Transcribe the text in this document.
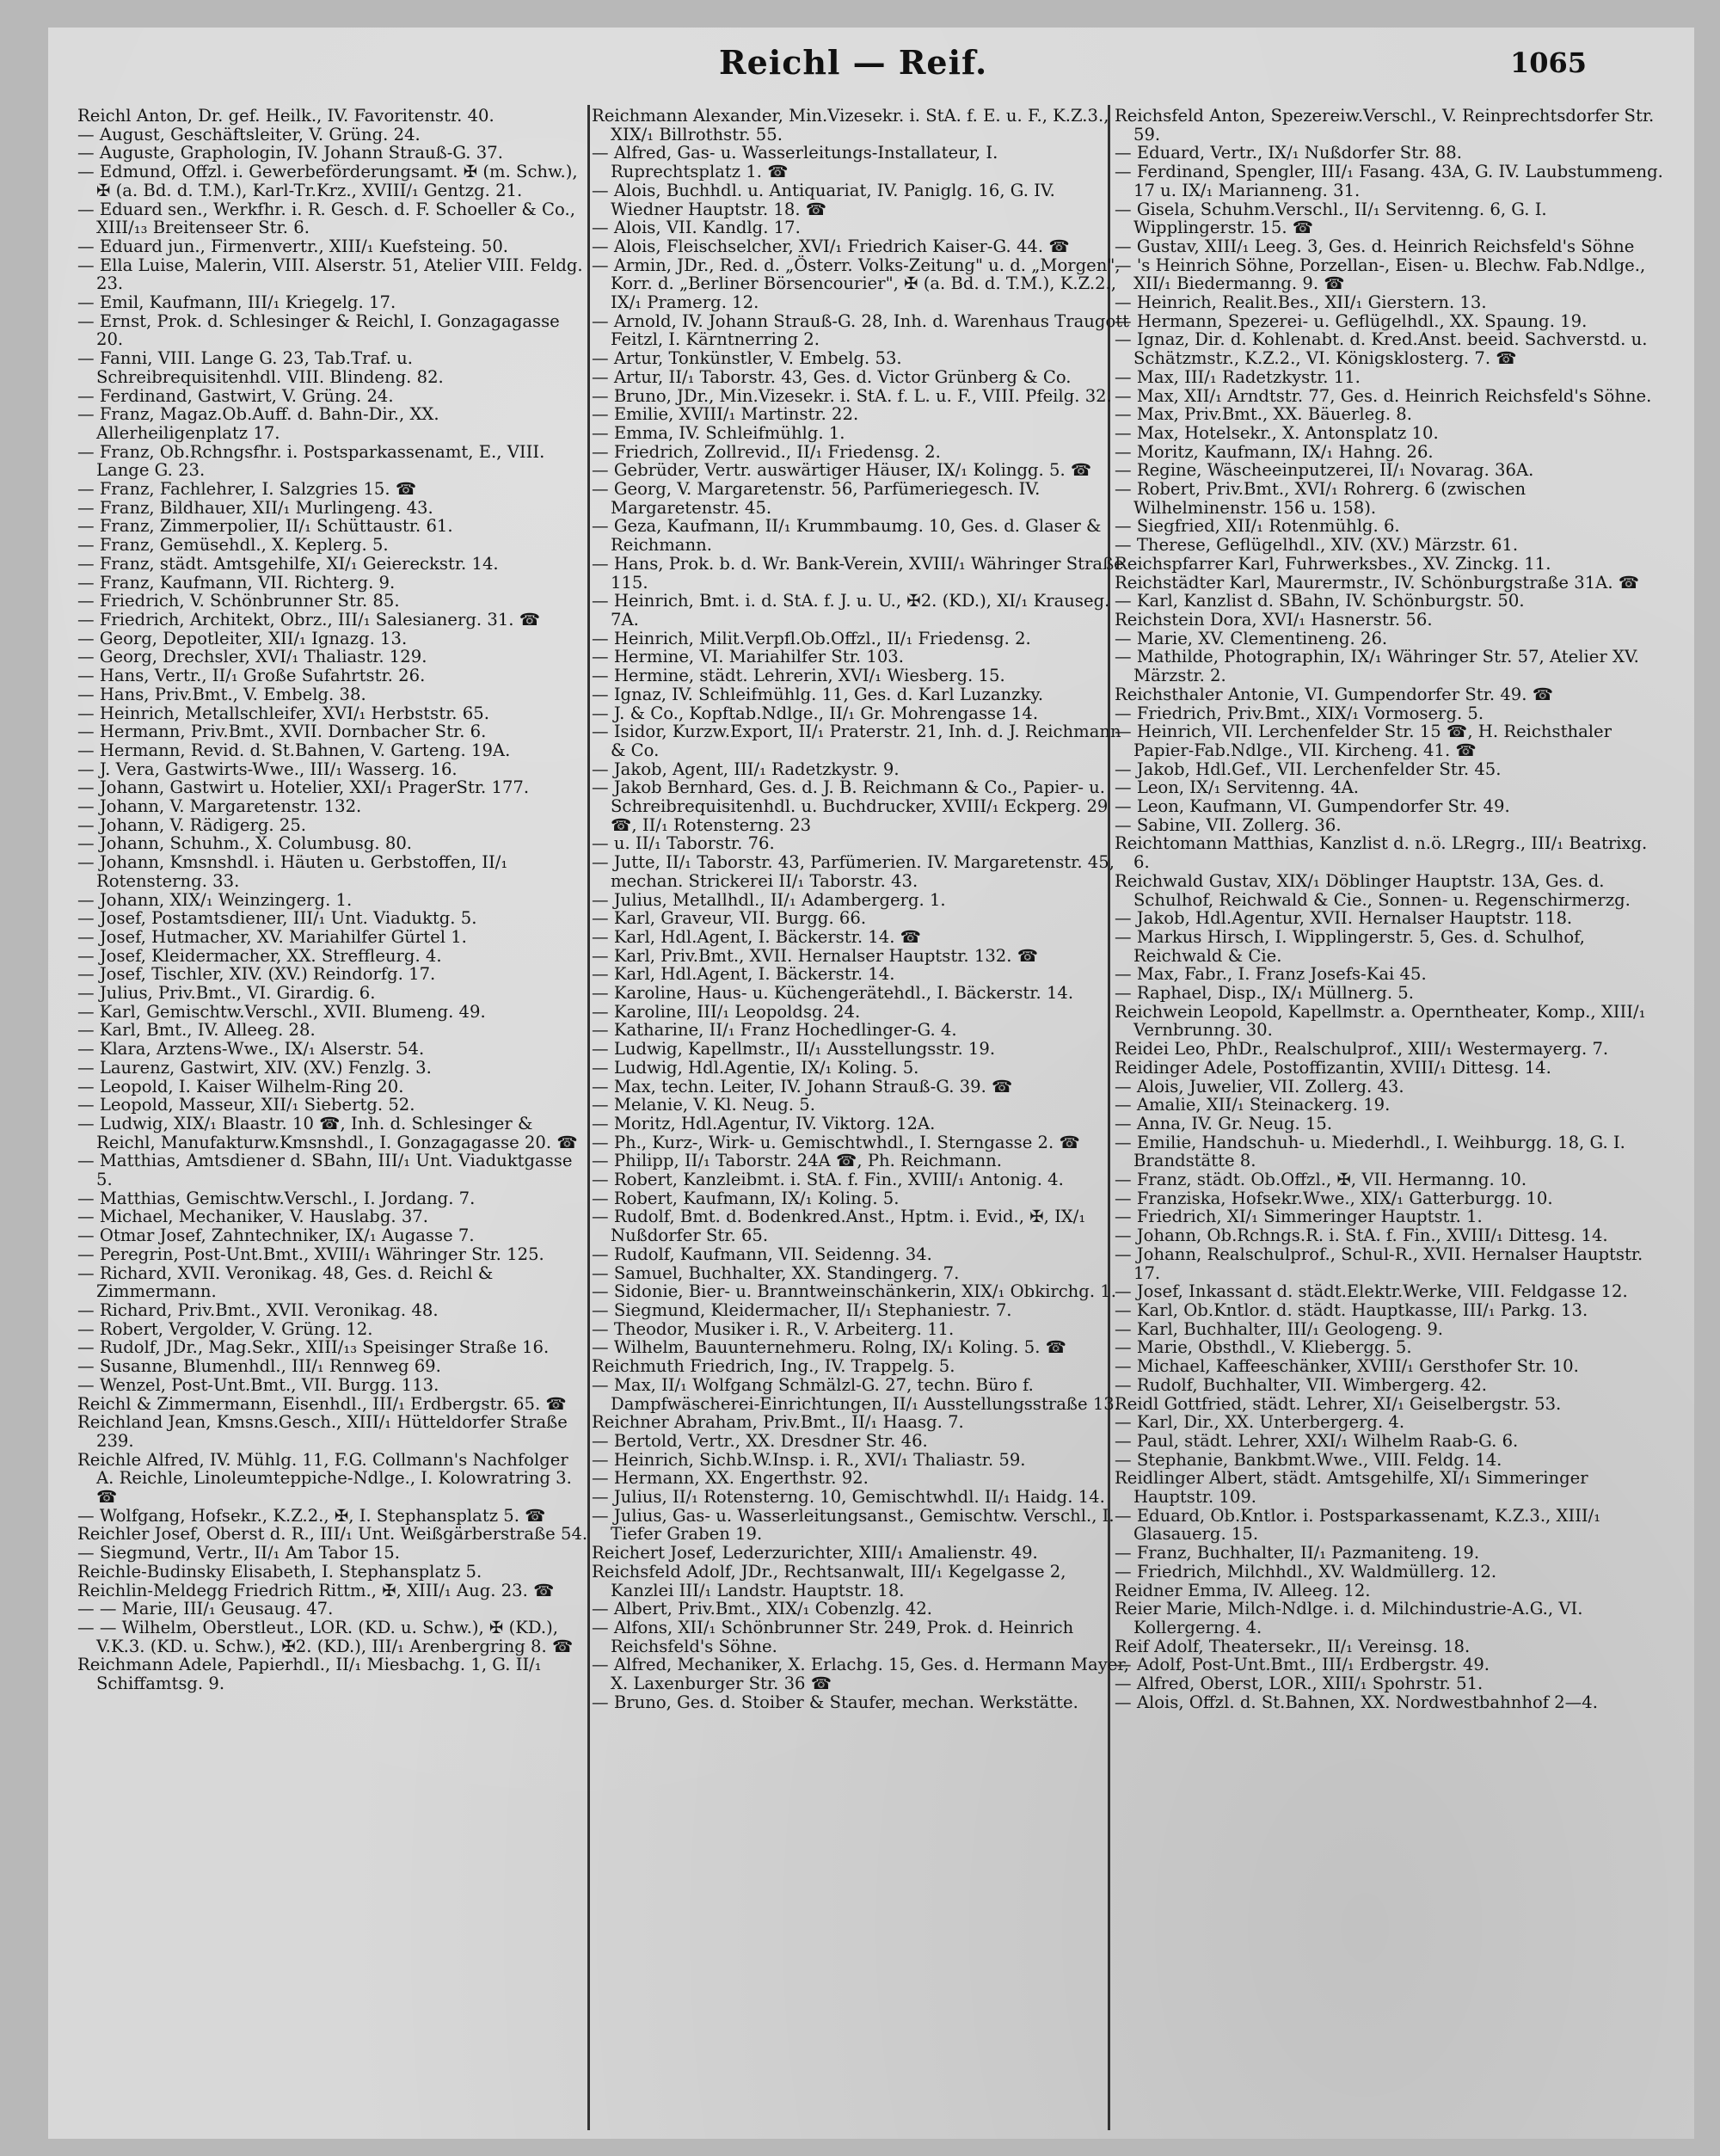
Reichl — Reif.	1065
Reichl Anton, Dr. gef. Heilk., IV. Favoritenstr. 40.
— August, Geschäftsleiter, V. Grüng. 24.
— Auguste, Graphologin, IV. Johann Strauß-G. 37.
— Edmund, Offzl. i. Gewerbeförderungsamt. ✠ (m. Schw.), ✠ (a. Bd. d. T.M.), Karl-Tr.Krz., XVIII/₁ Gentzg. 21.
— Eduard sen., Werkfhr. i. R. Gesch. d. F. Schoeller & Co., XIII/₁₃ Breitenseer Str. 6.
— Eduard jun., Firmenvertr., XIII/₁ Kuefsteing. 50.
— Ella Luise, Malerin, VIII. Alserstr. 51, Atelier VIII. Feldg. 23.
— Emil, Kaufmann, III/₁ Kriegelg. 17.
— Ernst, Prok. d. Schlesinger & Reichl, I. Gonzagagasse 20.
— Fanni, VIII. Lange G. 23, Tab.Traf. u. Schreibrequisitenhdl. VIII. Blindeng. 82.
— Ferdinand, Gastwirt, V. Grüng. 24.
— Franz, Magaz.Ob.Auff. d. Bahn-Dir., XX. Allerheiligenplatz 17.
— Franz, Ob.Rchngsfhr. i. Postsparkassenamt, E., VIII. Lange G. 23.
— Franz, Fachlehrer, I. Salzgries 15. ☎
— Franz, Bildhauer, XII/₁ Murlingeng. 43.
— Franz, Zimmerpolier, II/₁ Schüttaustr. 61.
— Franz, Gemüsehdl., X. Keplerg. 5.
— Franz, städt. Amtsgehilfe, XI/₁ Geiereckstr. 14.
— Franz, Kaufmann, VII. Richterg. 9.
— Friedrich, V. Schönbrunner Str. 85.
— Friedrich, Architekt, Obrz., III/₁ Salesianerg. 31. ☎
— Georg, Depotleiter, XII/₁ Ignazg. 13.
— Georg, Drechsler, XVI/₁ Thaliastr. 129.
— Hans, Vertr., II/₁ Große Sufahrtstr. 26.
— Hans, Priv.Bmt., V. Embelg. 38.
— Heinrich, Metallschleifer, XVI/₁ Herbststr. 65.
— Hermann, Priv.Bmt., XVII. Dornbacher Str. 6.
— Hermann, Revid. d. St.Bahnen, V. Garteng. 19A.
— J. Vera, Gastwirts-Wwe., III/₁ Wasserg. 16.
— Johann, Gastwirt u. Hotelier, XXI/₁ PragerStr. 177.
— Johann, V. Margaretenstr. 132.
— Johann, V. Rädigerg. 25.
— Johann, Schuhm., X. Columbusg. 80.
— Johann, Kmsnshdl. i. Häuten u. Gerbstoffen, II/₁ Rotensterng. 33.
— Johann, XIX/₁ Weinzingerg. 1.
— Josef, Postamtsdiener, III/₁ Unt. Viaduktg. 5.
— Josef, Hutmacher, XV. Mariahilfer Gürtel 1.
— Josef, Kleidermacher, XX. Streffleurg. 4.
— Josef, Tischler, XIV. (XV.) Reindorfg. 17.
— Julius, Priv.Bmt., VI. Girardig. 6.
— Karl, Gemischtw.Verschl., XVII. Blumeng. 49.
— Karl, Bmt., IV. Alleeg. 28.
— Klara, Arztens-Wwe., IX/₁ Alserstr. 54.
— Laurenz, Gastwirt, XIV. (XV.) Fenzlg. 3.
— Leopold, I. Kaiser Wilhelm-Ring 20.
— Leopold, Masseur, XII/₁ Siebertg. 52.
— Ludwig, XIX/₁ Blaastr. 10 ☎, Inh. d. Schlesinger & Reichl, Manufakturw.Kmsnshdl., I. Gonzagagasse 20. ☎
— Matthias, Amtsdiener d. SBahn, III/₁ Unt. Viaduktgasse 5.
— Matthias, Gemischtw.Verschl., I. Jordang. 7.
— Michael, Mechaniker, V. Hauslabg. 37.
— Otmar Josef, Zahntechniker, IX/₁ Augasse 7.
— Peregrin, Post-Unt.Bmt., XVIII/₁ Währinger Str. 125.
— Richard, XVII. Veronikag. 48, Ges. d. Reichl & Zimmermann.
— Richard, Priv.Bmt., XVII. Veronikag. 48.
— Robert, Vergolder, V. Grüng. 12.
— Rudolf, JDr., Mag.Sekr., XIII/₁₃ Speisinger Straße 16.
— Susanne, Blumenhdl., III/₁ Rennweg 69.
— Wenzel, Post-Unt.Bmt., VII. Burgg. 113.
Reichl & Zimmermann, Eisenhdl., III/₁ Erdbergstr. 65. ☎
Reichland Jean, Kmsns.Gesch., XIII/₁ Hütteldorfer Straße 239.
Reichle Alfred, IV. Mühlg. 11, F.G. Collmann's Nachfolger A. Reichle, Linoleumteppiche-Ndlge., I. Kolowratring 3. ☎
— Wolfgang, Hofsekr., K.Z.2., ✠, I. Stephansplatz 5. ☎
Reichler Josef, Oberst d. R., III/₁ Unt. Weißgärberstraße 54.
— Siegmund, Vertr., II/₁ Am Tabor 15.
Reichle-Budinsky Elisabeth, I. Stephansplatz 5.
Reichlin-Meldegg Friedrich Rittm., ✠, XIII/₁ Aug. 23. ☎
— — Marie, III/₁ Geusaug. 47.
— — Wilhelm, Oberstleut., LOR. (KD. u. Schw.), ✠ (KD.), V.K.3. (KD. u. Schw.), ✠2. (KD.), III/₁ Arenbergring 8. ☎
Reichmann Adele, Papierhdl., II/₁ Miesbachg. 1, G. II/₁ Schiffamtsg. 9.
Reichmann Alexander, Min.Vizesekr. i. StA. f. E. u. F., K.Z.3., XIX/₁ Billrothstr. 55.
— Alfred, Gas- u. Wasserleitungs-Installateur, I. Ruprechtsplatz 1. ☎
— Alois, Buchhdl. u. Antiquariat, IV. Paniglg. 16, G. IV. Wiedner Hauptstr. 18. ☎
— Alois, VII. Kandlg. 17.
— Alois, Fleischselcher, XVI/₁ Friedrich Kaiser-G. 44. ☎
— Armin, JDr., Red. d. „Österr. Volks-Zeitung" u. d. „Morgen", Korr. d. „Berliner Börsencourier", ✠ (a. Bd. d. T.M.), K.Z.2., IX/₁ Pramerg. 12.
— Arnold, IV. Johann Strauß-G. 28, Inh. d. Warenhaus Traugott Feitzl, I. Kärntnerring 2.
— Artur, Tonkünstler, V. Embelg. 53.
— Artur, II/₁ Taborstr. 43, Ges. d. Victor Grünberg & Co.
— Bruno, JDr., Min.Vizesekr. i. StA. f. L. u. F., VIII. Pfeilg. 32.
— Emilie, XVIII/₁ Martinstr. 22.
— Emma, IV. Schleifmühlg. 1.
— Friedrich, Zollrevid., II/₁ Friedensg. 2.
— Gebrüder, Vertr. auswärtiger Häuser, IX/₁ Kolingg. 5. ☎
— Georg, V. Margaretenstr. 56, Parfümeriegesch. IV. Margaretenstr. 45.
— Geza, Kaufmann, II/₁ Krummbaumg. 10, Ges. d. Glaser & Reichmann.
— Hans, Prok. b. d. Wr. Bank-Verein, XVIII/₁ Währinger Straße 115.
— Heinrich, Bmt. i. d. StA. f. J. u. U., ✠2. (KD.), XI/₁ Krauseg. 7A.
— Heinrich, Milit.Verpfl.Ob.Offzl., II/₁ Friedensg. 2.
— Hermine, VI. Mariahilfer Str. 103.
— Hermine, städt. Lehrerin, XVI/₁ Wiesberg. 15.
— Ignaz, IV. Schleifmühlg. 11, Ges. d. Karl Luzanzky.
— J. & Co., Kopftab.Ndlge., II/₁ Gr. Mohrengasse 14.
— Isidor, Kurzw.Export, II/₁ Praterstr. 21, Inh. d. J. Reichmann & Co.
— Jakob, Agent, III/₁ Radetzkystr. 9.
— Jakob Bernhard, Ges. d. J. B. Reichmann & Co., Papier- u. Schreibrequisitenhdl. u. Buchdrucker, XVIII/₁ Eckperg. 29 ☎, II/₁ Rotensterng. 23
— u. II/₁ Taborstr. 76.
— Jutte, II/₁ Taborstr. 43, Parfümerien. IV. Margaretenstr. 45, mechan. Strickerei II/₁ Taborstr. 43.
— Julius, Metallhdl., II/₁ Adambergerg. 1.
— Karl, Graveur, VII. Burgg. 66.
— Karl, Hdl.Agent, I. Bäckerstr. 14. ☎
— Karl, Priv.Bmt., XVII. Hernalser Hauptstr. 132. ☎
— Karl, Hdl.Agent, I. Bäckerstr. 14.
— Karoline, Haus- u. Küchengerätehdl., I. Bäckerstr. 14.
— Karoline, III/₁ Leopoldsg. 24.
— Katharine, II/₁ Franz Hochedlinger-G. 4.
— Ludwig, Kapellmstr., II/₁ Ausstellungsstr. 19.
— Ludwig, Hdl.Agentie, IX/₁ Koling. 5.
— Max, techn. Leiter, IV. Johann Strauß-G. 39. ☎
— Melanie, V. Kl. Neug. 5.
— Moritz, Hdl.Agentur, IV. Viktorg. 12A.
— Ph., Kurz-, Wirk- u. Gemischtwhdl., I. Sterngasse 2. ☎
— Philipp, II/₁ Taborstr. 24A ☎, Ph. Reichmann.
— Robert, Kanzleibmt. i. StA. f. Fin., XVIII/₁ Antonig. 4.
— Robert, Kaufmann, IX/₁ Koling. 5.
— Rudolf, Bmt. d. Bodenkred.Anst., Hptm. i. Evid., ✠, IX/₁ Nußdorfer Str. 65.
— Rudolf, Kaufmann, VII. Seidenng. 34.
— Samuel, Buchhalter, XX. Standingerg. 7.
— Sidonie, Bier- u. Branntweinschänkerin, XIX/₁ Obkirchg. 1.
— Siegmund, Kleidermacher, II/₁ Stephaniestr. 7.
— Theodor, Musiker i. R., V. Arbeiterg. 11.
— Wilhelm, Bauunternehmeru. Rolng, IX/₁ Koling. 5. ☎
Reichmuth Friedrich, Ing., IV. Trappelg. 5.
— Max, II/₁ Wolfgang Schmälzl-G. 27, techn. Büro f. Dampfwäscherei-Einrichtungen, II/₁ Ausstellungsstraße 13.
Reichner Abraham, Priv.Bmt., II/₁ Haasg. 7.
— Bertold, Vertr., XX. Dresdner Str. 46.
— Heinrich, Sichb.W.Insp. i. R., XVI/₁ Thaliastr. 59.
— Hermann, XX. Engerthstr. 92.
— Julius, II/₁ Rotensterng. 10, Gemischtwhdl. II/₁ Haidg. 14.
— Julius, Gas- u. Wasserleitungsanst., Gemischtw. Verschl., I. Tiefer Graben 19.
Reichert Josef, Lederzurichter, XIII/₁ Amalienstr. 49.
Reichsfeld Adolf, JDr., Rechtsanwalt, III/₁ Kegelgasse 2, Kanzlei III/₁ Landstr. Hauptstr. 18.
— Albert, Priv.Bmt., XIX/₁ Cobenzlg. 42.
— Alfons, XII/₁ Schönbrunner Str. 249, Prok. d. Heinrich Reichsfeld's Söhne.
— Alfred, Mechaniker, X. Erlachg. 15, Ges. d. Hermann Mayer, X. Laxenburger Str. 36 ☎
— Bruno, Ges. d. Stoiber & Staufer, mechan. Werkstätte.
Reichsfeld Anton, Spezereiw.Verschl., V. Reinprechtsdorfer Str. 59.
— Eduard, Vertr., IX/₁ Nußdorfer Str. 88.
— Ferdinand, Spengler, III/₁ Fasang. 43A, G. IV. Laubstummeng. 17 u. IX/₁ Marianneng. 31.
— Gisela, Schuhm.Verschl., II/₁ Servitenng. 6, G. I. Wipplingerstr. 15. ☎
— Gustav, XIII/₁ Leeg. 3, Ges. d. Heinrich Reichsfeld's Söhne
— 's Heinrich Söhne, Porzellan-, Eisen- u. Blechw. Fab.Ndlge., XII/₁ Biedermanng. 9. ☎
— Heinrich, Realit.Bes., XII/₁ Gierstern. 13.
— Hermann, Spezerei- u. Geflügelhdl., XX. Spaung. 19.
— Ignaz, Dir. d. Kohlenabt. d. Kred.Anst. beeid. Sachverstd. u. Schätzmstr., K.Z.2., VI. Königsklosterg. 7. ☎
— Max, III/₁ Radetzkystr. 11.
— Max, XII/₁ Arndtstr. 77, Ges. d. Heinrich Reichsfeld's Söhne.
— Max, Priv.Bmt., XX. Bäuerleg. 8.
— Max, Hotelsekr., X. Antonsplatz 10.
— Moritz, Kaufmann, IX/₁ Hahng. 26.
— Regine, Wäscheeinputzerei, II/₁ Novarag. 36A.
— Robert, Priv.Bmt., XVI/₁ Rohrerg. 6 (zwischen Wilhelminenstr. 156 u. 158).
— Siegfried, XII/₁ Rotenmühlg. 6.
— Therese, Geflügelhdl., XIV. (XV.) Märzstr. 61.
Reichspfarrer Karl, Fuhrwerksbes., XV. Zinckg. 11.
Reichstädter Karl, Maurermstr., IV. Schönburgstraße 31A. ☎
— Karl, Kanzlist d. SBahn, IV. Schönburgstr. 50.
Reichstein Dora, XVI/₁ Hasnerstr. 56.
— Marie, XV. Clementineng. 26.
— Mathilde, Photographin, IX/₁ Währinger Str. 57, Atelier XV. Märzstr. 2.
Reichsthaler Antonie, VI. Gumpendorfer Str. 49. ☎
— Friedrich, Priv.Bmt., XIX/₁ Vormoserg. 5.
— Heinrich, VII. Lerchenfelder Str. 15 ☎, H. Reichsthaler Papier-Fab.Ndlge., VII. Kircheng. 41. ☎
— Jakob, Hdl.Gef., VII. Lerchenfelder Str. 45.
— Leon, IX/₁ Servitenng. 4A.
— Leon, Kaufmann, VI. Gumpendorfer Str. 49.
— Sabine, VII. Zollerg. 36.
Reichtomann Matthias, Kanzlist d. n.ö. LRegrg., III/₁ Beatrixg. 6.
Reichwald Gustav, XIX/₁ Döblinger Hauptstr. 13A, Ges. d. Schulhof, Reichwald & Cie., Sonnen- u. Regenschirmerzg.
— Jakob, Hdl.Agentur, XVII. Hernalser Hauptstr. 118.
— Markus Hirsch, I. Wipplingerstr. 5, Ges. d. Schulhof, Reichwald & Cie.
— Max, Fabr., I. Franz Josefs-Kai 45.
— Raphael, Disp., IX/₁ Müllnerg. 5.
Reichwein Leopold, Kapellmstr. a. Operntheater, Komp., XIII/₁ Vernbrunng. 30.
Reidei Leo, PhDr., Realschulprof., XIII/₁ Westermayerg. 7.
Reidinger Adele, Postoffizantin, XVIII/₁ Dittesg. 14.
— Alois, Juwelier, VII. Zollerg. 43.
— Amalie, XII/₁ Steinackerg. 19.
— Anna, IV. Gr. Neug. 15.
— Emilie, Handschuh- u. Miederhdl., I. Weihburgg. 18, G. I. Brandstätte 8.
— Franz, städt. Ob.Offzl., ✠, VII. Hermanng. 10.
— Franziska, Hofsekr.Wwe., XIX/₁ Gatterburgg. 10.
— Friedrich, XI/₁ Simmeringer Hauptstr. 1.
— Johann, Ob.Rchngs.R. i. StA. f. Fin., XVIII/₁ Dittesg. 14.
— Johann, Realschulprof., Schul-R., XVII. Hernalser Hauptstr. 17.
— Josef, Inkassant d. städt.Elektr.Werke, VIII. Feldgasse 12.
— Karl, Ob.Kntlor. d. städt. Hauptkasse, III/₁ Parkg. 13.
— Karl, Buchhalter, III/₁ Geologeng. 9.
— Marie, Obsthdl., V. Kliebergg. 5.
— Michael, Kaffeeschänker, XVIII/₁ Gersthofer Str. 10.
— Rudolf, Buchhalter, VII. Wimbergerg. 42.
Reidl Gottfried, städt. Lehrer, XI/₁ Geiselbergstr. 53.
— Karl, Dir., XX. Unterbergerg. 4.
— Paul, städt. Lehrer, XXI/₁ Wilhelm Raab-G. 6.
— Stephanie, Bankbmt.Wwe., VIII. Feldg. 14.
Reidlinger Albert, städt. Amtsgehilfe, XI/₁ Simmeringer Hauptstr. 109.
— Eduard, Ob.Kntlor. i. Postsparkassenamt, K.Z.3., XIII/₁ Glasauerg. 15.
— Franz, Buchhalter, II/₁ Pazmaniteng. 19.
— Friedrich, Milchhdl., XV. Waldmüllerg. 12.
Reidner Emma, IV. Alleeg. 12.
Reier Marie, Milch-Ndlge. i. d. Milchindustrie-A.G., VI. Kollergerng. 4.
Reif Adolf, Theatersekr., II/₁ Vereinsg. 18.
— Adolf, Post-Unt.Bmt., III/₁ Erdbergstr. 49.
— Alfred, Oberst, LOR., XIII/₁ Spohrstr. 51.
— Alois, Offzl. d. St.Bahnen, XX. Nordwestbahnhof 2—4.
